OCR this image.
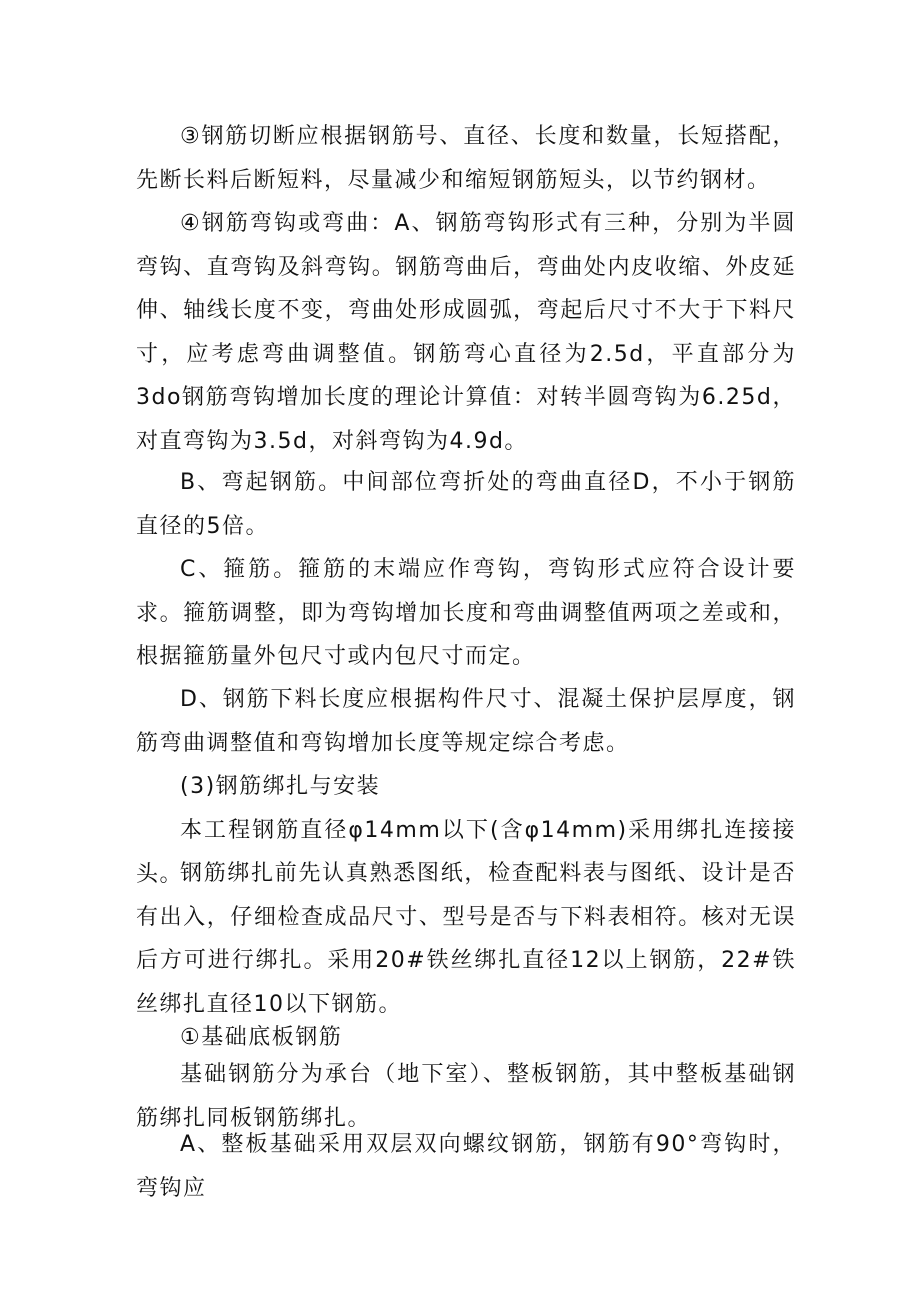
③钢筋切断应根据钢筋号、直径、长度和数量，长短搭配，先断长料后断短料，尽量减少和缩短钢筋短头，以节约钢材。

④钢筋弯钩或弯曲：A、钢筋弯钩形式有三种，分别为半圆弯钩、直弯钩及斜弯钩。钢筋弯曲后，弯曲处内皮收缩、外皮延伸、轴线长度不变，弯曲处形成圆弧，弯起后尺寸不大于下料尺寸，应考虑弯曲调整值。钢筋弯心直径为2.5d，平直部分为3do钢筋弯钩增加长度的理论计算值：对转半圆弯钩为6.25d，对直弯钩为3.5d，对斜弯钩为4.9d。

B、弯起钢筋。中间部位弯折处的弯曲直径D，不小于钢筋直径的5倍。

C、箍筋。箍筋的末端应作弯钩，弯钩形式应符合设计要求。箍筋调整，即为弯钩增加长度和弯曲调整值两项之差或和，根据箍筋量外包尺寸或内包尺寸而定。

D、钢筋下料长度应根据构件尺寸、混凝土保护层厚度，钢筋弯曲调整值和弯钩增加长度等规定综合考虑。

(3)钢筋绑扎与安装

本工程钢筋直径φ14mm以下(含φ14mm)采用绑扎连接接头。

钢筋绑扎前先认真熟悉图纸，检查配料表与图纸、设计是否有出入，仔细检查成品尺寸、型号是否与下料表相符。核对无误后方可进行绑扎。采用20#铁丝绑扎直径12以上钢筋，22#铁丝绑扎直径10以下钢筋。

①基础底板钢筋

基础钢筋分为承台（地下室）、整板钢筋，其中整板基础钢筋绑扎同板钢筋绑扎。

A、整板基础采用双层双向螺纹钢筋，钢筋有90°弯钩时，弯钩应
